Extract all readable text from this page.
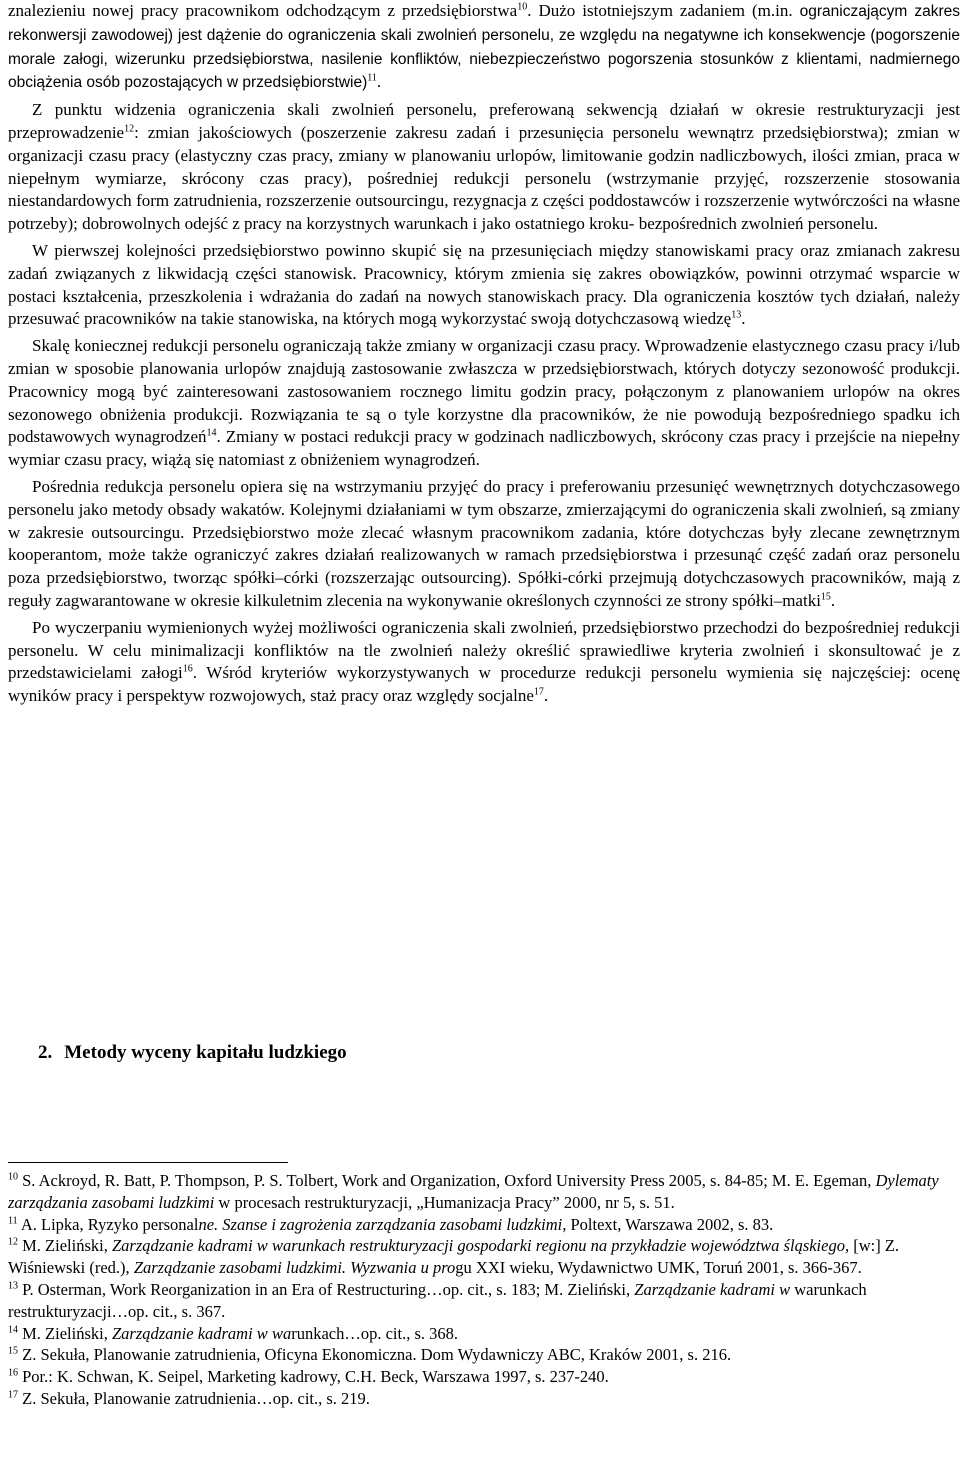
znalezieniu nowej pracy pracownikom odchodzącym z przedsiębiorstwa$^{10}$. Dużo istotniejszym zadaniem (m.in. ograniczającym zakres rekonwersji zawodowej) jest dążenie do ograniczenia skali zwolnień personelu, ze względu na negatywne ich konsekwencje (pogorszenie morale załogi, wizerunku przedsiębiorstwa, nasilenie konfliktów, niebezpieczeństwo pogorszenia stosunków z klientami, nadmiernego obciążenia osób pozostających w przedsiębiorstwie)$^{11}$.

Z punktu widzenia ograniczenia skali zwolnień personelu, preferowaną sekwencją działań w okresie restrukturyzacji jest przeprowadzenie$^{12}$: zmian jakościowych (poszerzenie zakresu zadań i przesunięcia personelu wewnątrz przedsiębiorstwa); zmian w organizacji czasu pracy (elastyczny czas pracy, zmiany w planowaniu urlopów, limitowanie godzin nadliczbowych, ilości zmian, praca w niepełnym wymiarze, skrócony czas pracy), pośredniej redukcji personelu (wstrzymanie przyjęć, rozszerzenie stosowania niestandardowych form zatrudnienia, rozszerzenie outsourcingu, rezygnacja z części poddostawców i rozszerzenie wytwórczości na własne potrzeby); dobrowolnych odejść z pracy na korzystnych warunkach i jako ostatniego kroku- bezpośrednich zwolnień personelu.

W pierwszej kolejności przedsiębiorstwo powinno skupić się na przesunięciach między stanowiskami pracy oraz zmianach zakresu zadań związanych z likwidacją części stanowisk. Pracownicy, którym zmienia się zakres obowiązków, powinni otrzymać wsparcie w postaci kształcenia, przeszkolenia i wdrażania do zadań na nowych stanowiskach pracy. Dla ograniczenia kosztów tych działań, należy przesuwać pracowników na takie stanowiska, na których mogą wykorzystać swoją dotychczasową wiedzę$^{13}$.

Skalę koniecznej redukcji personelu ograniczają także zmiany w organizacji czasu pracy. Wprowadzenie elastycznego czasu pracy i/lub zmian w sposobie planowania urlopów znajdują zastosowanie zwłaszcza w przedsiębiorstwach, których dotyczy sezonowość produkcji. Pracownicy mogą być zainteresowani zastosowaniem rocznego limitu godzin pracy, połączonym z planowaniem urlopów na okres sezonowego obniżenia produkcji. Rozwiązania te są o tyle korzystne dla pracowników, że nie powodują bezpośredniego spadku ich podstawowych wynagrodzeń$^{14}$. Zmiany w postaci redukcji pracy w godzinach nadliczbowych, skrócony czas pracy i przejście na niepełny wymiar czasu pracy, wiążą się natomiast z obniżeniem wynagrodzeń.

Pośrednia redukcja personelu opiera się na wstrzymaniu przyjęć do pracy i preferowaniu przesunięć wewnętrznych dotychczasowego personelu jako metody obsady wakatów. Kolejnymi działaniami w tym obszarze, zmierzającymi do ograniczenia skali zwolnień, są zmiany w zakresie outsourcingu. Przedsiębiorstwo może zlecać własnym pracownikom zadania, które dotychczas były zlecane zewnętrznym kooperantom, może także ograniczyć zakres działań realizowanych w ramach przedsiębiorstwa i przesunąć część zadań oraz personelu poza przedsiębiorstwo, tworząc spółki–córki (rozszerzając outsourcing). Spółki-córki przejmują dotychczasowych pracowników, mają z reguły zagwarantowane w okresie kilkuletnim zlecenia na wykonywanie określonych czynności ze strony spółki–matki$^{15}$.

Po wyczerpaniu wymienionych wyżej możliwości ograniczenia skali zwolnień, przedsiębiorstwo przechodzi do bezpośredniej redukcji personelu. W celu minimalizacji konfliktów na tle zwolnień należy określić sprawiedliwe kryteria zwolnień i skonsultować je z przedstawicielami załogi$^{16}$. Wśród kryteriów wykorzystywanych w procedurze redukcji personelu wymienia się najczęściej: ocenę wyników pracy i perspektyw rozwojowych, staż pracy oraz względy socjalne$^{17}$.

2. Metody wyceny kapitału ludzkiego

$^{10}$ S. Ackroyd, R. Batt, P. Thompson, P. S. Tolbert, Work and Organization, Oxford University Press 2005, s. 84-85; M. E. Egeman, Dylematy zarządzania zasobami ludzkimi w procesach restrukturyzacji, „Humanizacja Pracy” 2000, nr 5, s. 51.

$^{11}$ A. Lipka, Ryzyko personalne. Szanse i zagrożenia zarządzania zasobami ludzkimi, Poltext, Warszawa 2002, s. 83.

$^{12}$ M. Zieliński, Zarządzanie kadrami w warunkach restrukturyzacji gospodarki regionu na przykładzie województwa śląskiego, [w:] Z. Wiśniewski (red.), Zarządzanie zasobami ludzkimi. Wyzwania u progu XXI wieku, Wydawnictwo UMK, Toruń 2001, s. 366-367.

$^{13}$ P. Osterman, Work Reorganization in an Era of Restructuring…op. cit., s. 183; M. Zieliński, Zarządzanie kadrami w warunkach restrukturyzacji…op. cit., s. 367.

$^{14}$ M. Zieliński, Zarządzanie kadrami w warunkach…op. cit., s. 368.

$^{15}$ Z. Sekuła, Planowanie zatrudnienia, Oficyna Ekonomiczna. Dom Wydawniczy ABC, Kraków 2001, s. 216.

$^{16}$ Por.: K. Schwan, K. Seipel, Marketing kadrowy, C.H. Beck, Warszawa 1997, s. 237-240.

$^{17}$ Z. Sekuła, Planowanie zatrudnienia…op. cit., s. 219.
